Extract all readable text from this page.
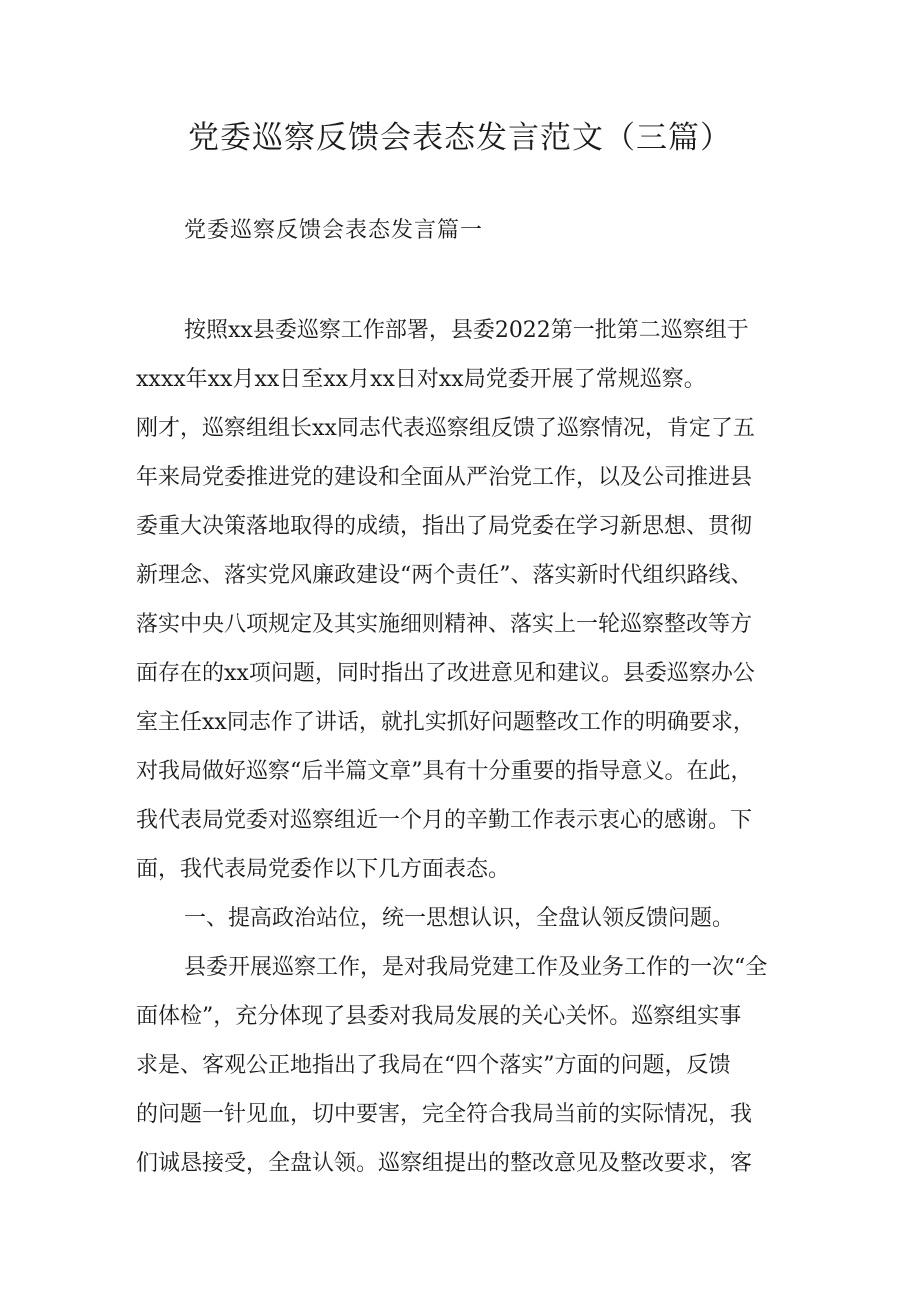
党委巡察反馈会表态发言范文（三篇）
党委巡察反馈会表态发言篇一
按照xx县委巡察工作部署，县委2022第一批第二巡察组于
xxxx年xx月xx日至xx月xx日对xx局党委开展了常规巡察。
刚才，巡察组组长xx同志代表巡察组反馈了巡察情况，肯定了五
年来局党委推进党的建设和全面从严治党工作，以及公司推进县
委重大决策落地取得的成绩，指出了局党委在学习新思想、贯彻
新理念、落实党风廉政建设“两个责任”、落实新时代组织路线、
落实中央八项规定及其实施细则精神、落实上一轮巡察整改等方
面存在的xx项问题，同时指出了改进意见和建议。县委巡察办公
室主任xx同志作了讲话，就扎实抓好问题整改工作的明确要求，
对我局做好巡察“后半篇文章”具有十分重要的指导意义。在此，
我代表局党委对巡察组近一个月的辛勤工作表示衷心的感谢。下
面，我代表局党委作以下几方面表态。
一、提高政治站位，统一思想认识，全盘认领反馈问题。
县委开展巡察工作，是对我局党建工作及业务工作的一次“全
面体检”，充分体现了县委对我局发展的关心关怀。巡察组实事
求是、客观公正地指出了我局在“四个落实”方面的问题，反馈
的问题一针见血，切中要害，完全符合我局当前的实际情况，我
们诚恳接受，全盘认领。巡察组提出的整改意见及整改要求，客
